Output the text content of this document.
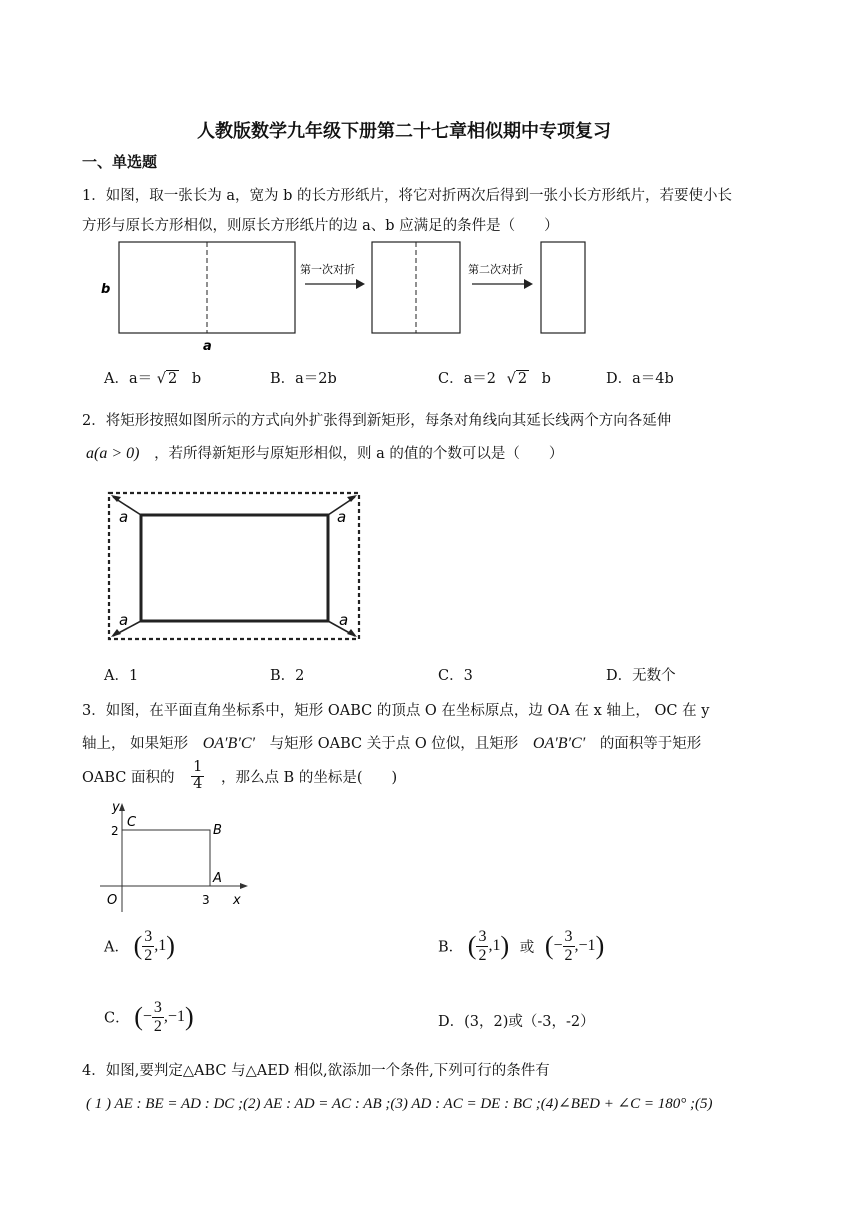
人教版数学九年级下册第二十七章相似期中专项复习
一、单选题
1．如图，取一张长为 a，宽为 b 的长方形纸片，将它对折两次后得到一张小长方形纸片，若要使小长
方形与原长方形相似，则原长方形纸片的边 a、b 应满足的条件是（　　）
b
a
第一次对折	第二次对折
A．a＝ √ 2 b	B．a＝2b	C．a＝2 √ 2 b	D．a＝4b
2．将矩形按照如图所示的方式向外扩张得到新矩形，每条对角线向其延长线两个方向各延伸
a(a > 0) ，若所得新矩形与原矩形相似，则 a 的值的个数可以是（　　）
a	a
a	a
A．1	B．2	C．3	D．无数个
3．如图，在平面直角坐标系中，矩形 OABC 的顶点 O 在坐标原点，边 OA 在 x 轴上， OC 在 y
轴上， 如果矩形 OA′B′C′ 与矩形 OABC 关于点 O 位似，且矩形 OA′B′C′ 的面积等于矩形
OABC 面积的 $\frac{1}{4}$ ，那么点 B 的坐标是(　　)
y
C
2	B
A
O	3 x
A． ( $\frac{3}{2} ,1$)	B． ( $\frac{3}{2} ,1$) 或 (− $\frac{3}{2} ,-1$)
C． (− $\frac{3}{2} ,-1$)	D．(3，2)或（-3，-2）
4．如图,要判定△ABC 与△AED 相似,欲添加一个条件,下列可行的条件有
( 1 ) AE : BE = AD : DC ;(2) AE : AD = AC : AB ;(3) AD : AC = DE : BC ;(4)∠BED + ∠C = 180° ;(5)
